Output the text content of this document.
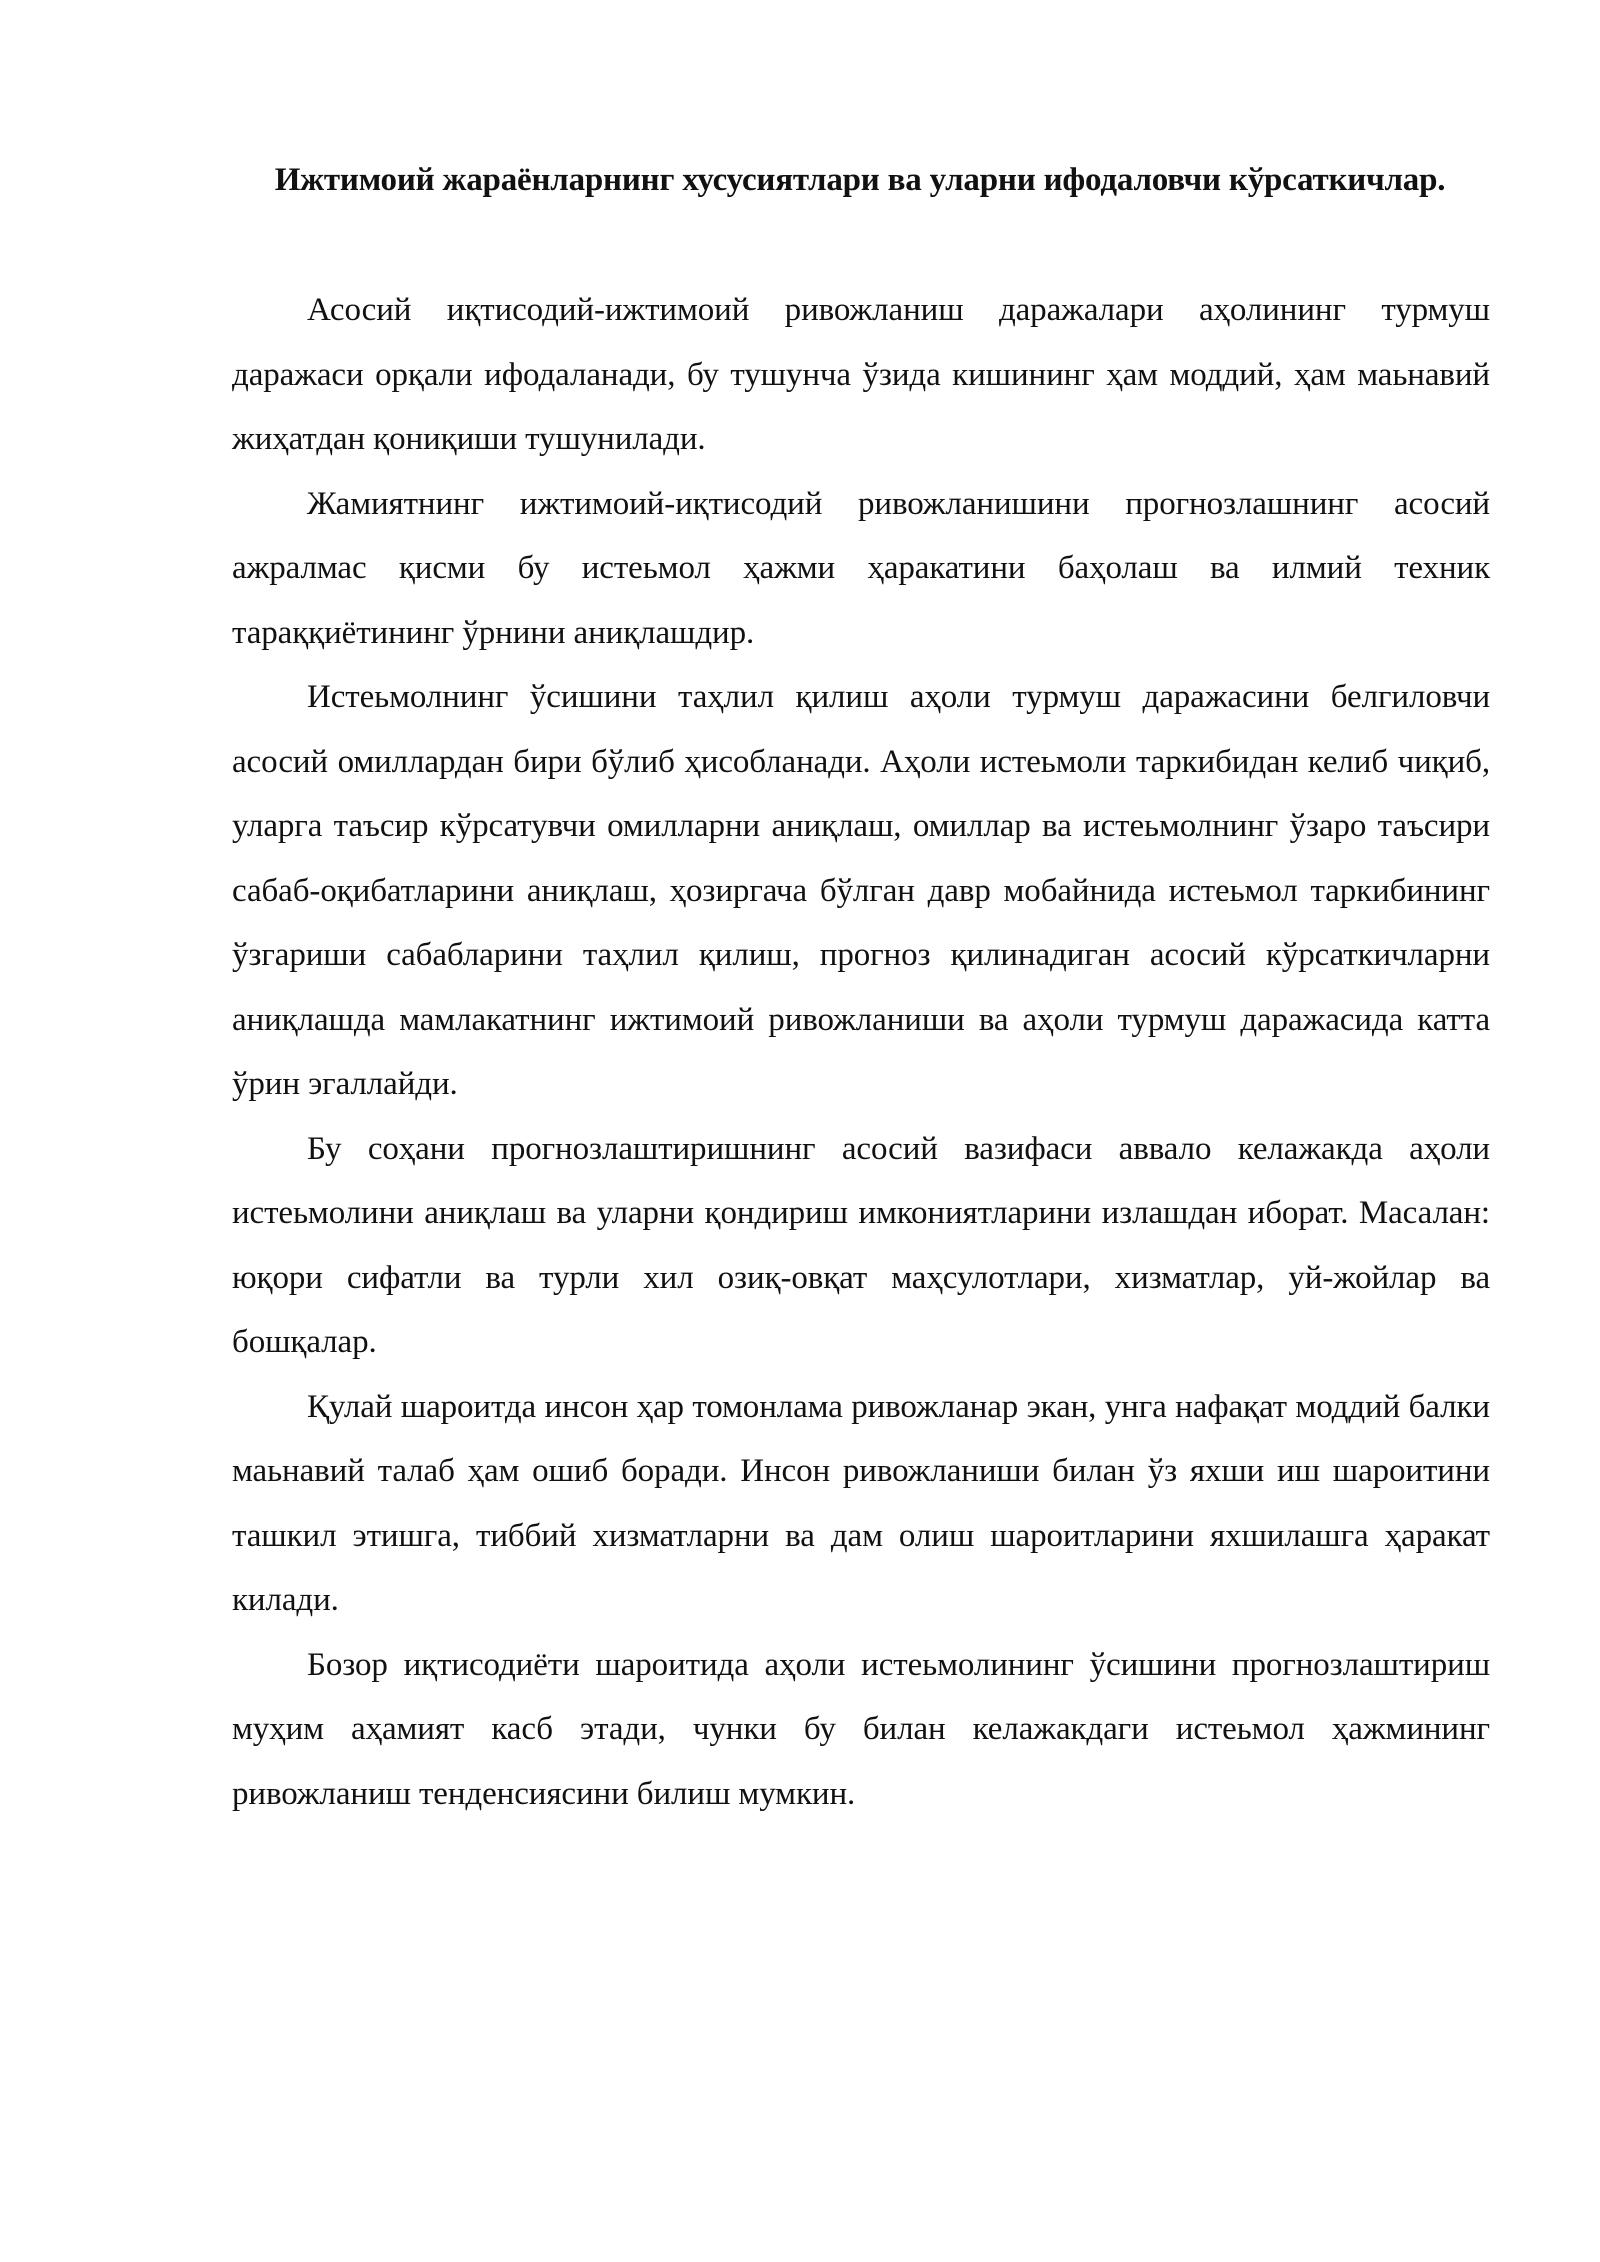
Ижтимоий жараёнларнинг хусусиятлари ва уларни ифодаловчи кўрсаткичлар.

Асосий иқтисодий-ижтимоий ривожланиш даражалари аҳолининг турмуш даражаси орқали ифодаланади, бу тушунча ўзида кишининг ҳам моддий, ҳам маьнавий жиҳатдан қониқиши тушунилади.

Жамиятнинг ижтимоий-иқтисодий ривожланишини прогнозлашнинг асосий ажралмас қисми бу истеьмол ҳажми ҳаракатини баҳолаш ва илмий техник тараққиётининг ўрнини аниқлашдир.

Истеьмолнинг ўсишини таҳлил қилиш аҳоли турмуш даражасини белгиловчи асосий омиллардан бири бўлиб ҳисобланади. Аҳоли истеьмоли таркибидан келиб чиқиб, уларга таъсир кўрсатувчи омилларни аниқлаш, омиллар ва истеьмолнинг ўзаро таъсири сабаб-оқибатларини аниқлаш, ҳозиргача бўлган давр мобайнида истеьмол таркибининг ўзгариши сабабларини таҳлил қилиш, прогноз қилинадиган асосий кўрсаткичларни аниқлашда мамлакатнинг ижтимоий ривожланиши ва аҳоли турмуш даражасида катта ўрин эгаллайди.

Бу соҳани прогнозлаштиришнинг асосий вазифаси аввало келажакда аҳоли истеьмолини аниқлаш ва уларни қондириш имкониятларини излашдан иборат. Масалан: юқори сифатли ва турли хил озиқ-овқат маҳсулотлари, хизматлар, уй-жойлар ва бошқалар.

Қулай шароитда инсон ҳар томонлама ривожланар экан, унга нафақат моддий балки маьнавий талаб ҳам ошиб боради. Инсон ривожланиши билан ўз яхши иш шароитини ташкил этишга, тиббий хизматларни ва дам олиш шароитларини яхшилашга ҳаракат килади.

Бозор иқтисодиёти шароитида аҳоли истеьмолининг ўсишини прогнозлаштириш муҳим аҳамият касб этади, чунки бу билан келажакдаги истеьмол ҳажмининг ривожланиш тенденсиясини билиш мумкин.
